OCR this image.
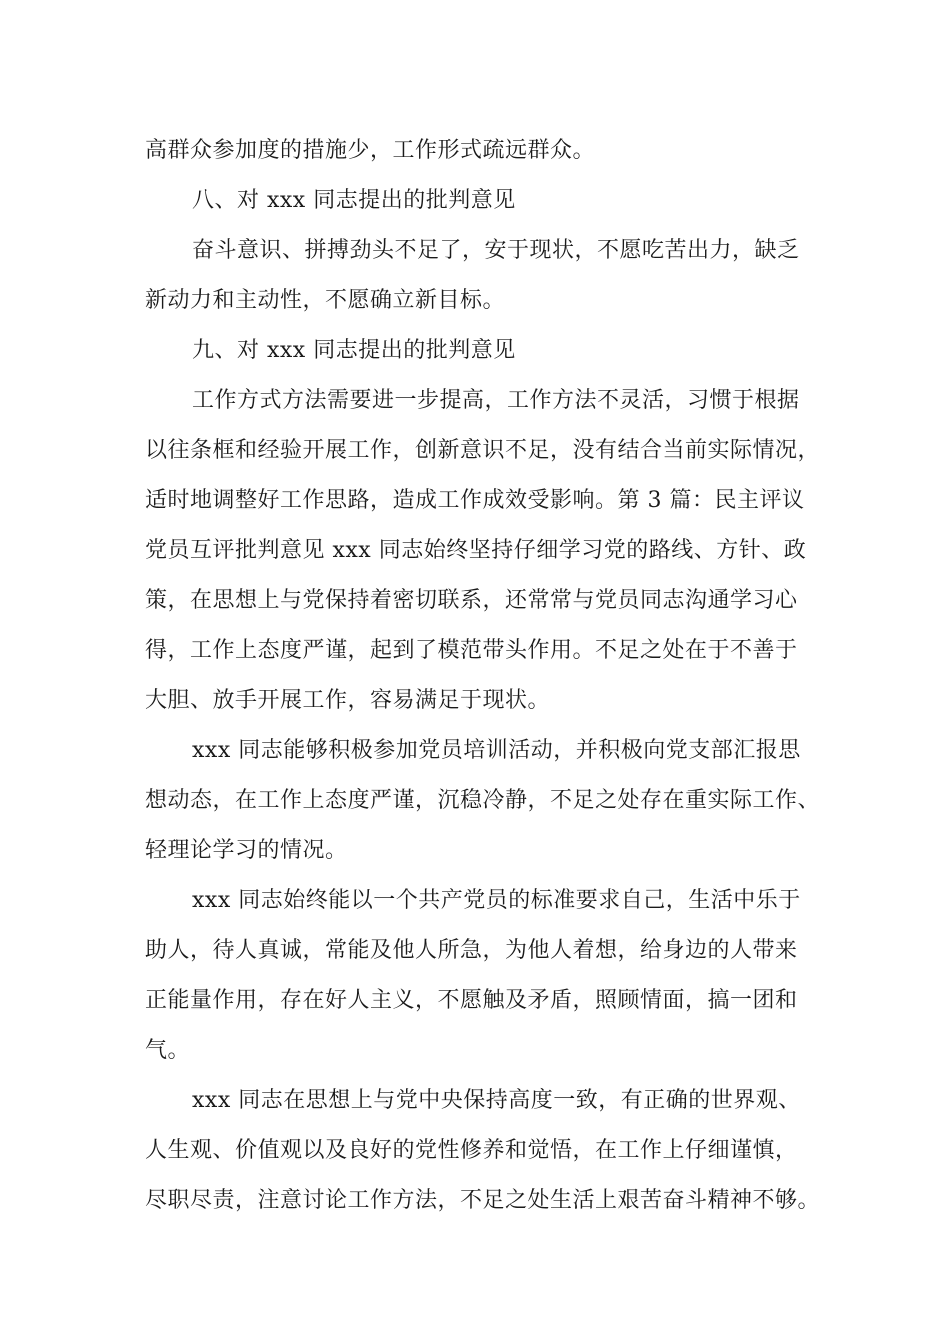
高群众参加度的措施少，工作形式疏远群众。
八、对 xxx 同志提出的批判意见
奋斗意识、拼搏劲头不足了，安于现状，不愿吃苦出力，缺乏
新动力和主动性，不愿确立新目标。
九、对 xxx 同志提出的批判意见
工作方式方法需要进一步提高，工作方法不灵活，习惯于根据
以往条框和经验开展工作，创新意识不足，没有结合当前实际情况，
适时地调整好工作思路，造成工作成效受影响。第 3 篇：民主评议
党员互评批判意见 xxx 同志始终坚持仔细学习党的路线、方针、政
策，在思想上与党保持着密切联系，还常常与党员同志沟通学习心
得，工作上态度严谨，起到了模范带头作用。不足之处在于不善于
大胆、放手开展工作，容易满足于现状。
xxx 同志能够积极参加党员培训活动，并积极向党支部汇报思
想动态，在工作上态度严谨，沉稳冷静，不足之处存在重实际工作、
轻理论学习的情况。
xxx 同志始终能以一个共产党员的标准要求自己，生活中乐于
助人，待人真诚，常能及他人所急，为他人着想，给身边的人带来
正能量作用，存在好人主义，不愿触及矛盾，照顾情面，搞一团和
气。
xxx 同志在思想上与党中央保持高度一致，有正确的世界观、
人生观、价值观以及良好的党性修养和觉悟，在工作上仔细谨慎，
尽职尽责，注意讨论工作方法，不足之处生活上艰苦奋斗精神不够。
